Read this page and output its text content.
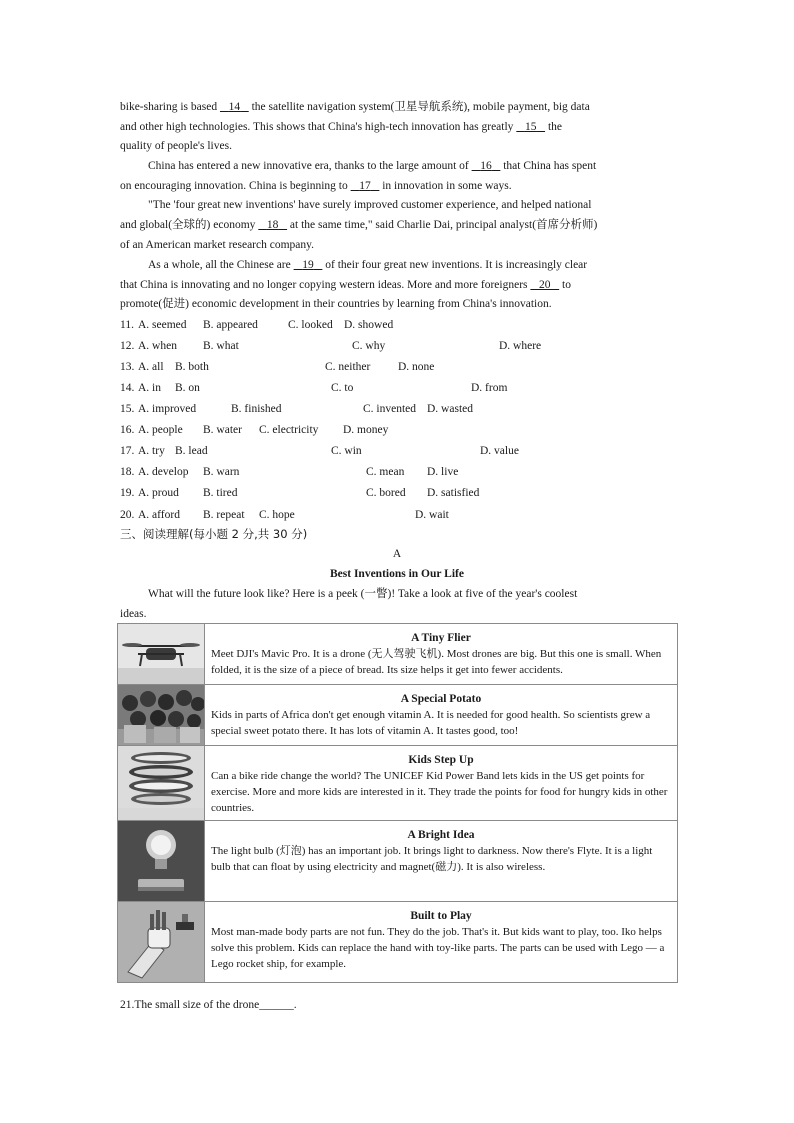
bike-sharing is based    14    the satellite navigation system(卫星导航系统), mobile payment, big data
and other high technologies. This shows that China's high-tech innovation has greatly    15    the
quality of people's lives.
China has entered a new innovative era, thanks to the large amount of    16    that China has spent
on encouraging innovation. China is beginning to    17    in innovation in some ways.
"The 'four great new inventions' have surely improved customer experience, and helped national
and global(全球的) economy    18    at the same time," said Charlie Dai, principal analyst(首席分析师)
of an American market research company.
As a whole, all the Chinese are    19    of their four great new inventions. It is increasingly clear
that China is innovating and no longer copying western ideas. More and more foreigners    20    to
promote(促进) economic development in their countries by learning from China's innovation.
11. A. seemed B. appeared	C. looked D. showed
12. A. when B. what	C. why	D. where
13. A. all B. both	C. neither D. none
14. A. in B. on	C. to	D. from
15. A. improved	B. finished	C. invented D. wasted
16. A. people B. water C. electricity D. money
17. A. try B. lead	C. win	D. value
18. A. develop B. warn	C. mean D. live
19. A. proud B. tired	C. bored D. satisfied
20. A. afford B. repeat C. hope	D. wait
三、阅读理解(每小题 2 分,共 30 分)
A
Best Inventions in Our Life
What will the future look like? Here is a peek (一瞥)! Take a look at five of the year's coolest
ideas.

A Tiny Flier
Meet DJI's Mavic Pro. It is a drone (无人驾驶飞机). Most drones are big. But this one is small. When folded, it is the size of a piece of bread. Its size helps it get into fewer accidents.

A Special Potato
Kids in parts of Africa don't get enough vitamin A. It is needed for good health. So scientists grew a special sweet potato there. It has lots of vitamin A. It tastes good, too!

Kids Step Up
Can a bike ride change the world? The UNICEF Kid Power Band lets kids in the US get points for exercise. More and more kids are interested in it. They trade the points for food for hungry kids in other countries.

A Bright Idea
The light bulb (灯泡) has an important job. It brings light to darkness. Now there's Flyte. It is a light bulb that can float by using electricity and magnet(磁力). It is also wireless.

Built to Play
Most man-made body parts are not fun. They do the job. That's it. But kids want to play, too. Iko helps solve this problem. Kids can replace the hand with toy-like parts. The parts can be used with Lego — a Lego rocket ship, for example.
21.The small size of the drone______.
